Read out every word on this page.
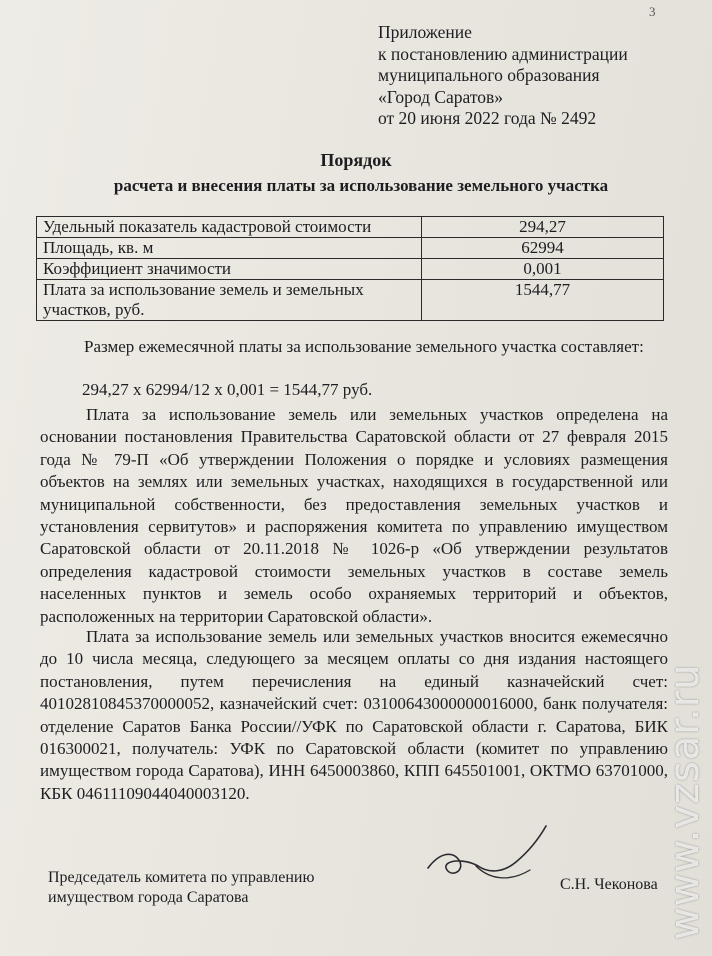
3
Приложение
к постановлению администрации
муниципального образования
«Город Саратов»
от 20 июня 2022 года № 2492
Порядок
расчета и внесения платы за использование земельного участка
Удельный показатель кадастровой стоимости	294,27
Площадь, кв. м	62994
Коэффициент значимости	0,001
Плата за использование земель и земельных участков, руб.	1544,77

Размер ежемесячной платы за использование земельного участка составляет:

294,27 x 62994/12 x 0,001 = 1544,77 руб.

Плата за использование земель или земельных участков определена на основании постановления Правительства Саратовской области от 27 февраля 2015 года № 79-П «Об утверждении Положения о порядке и условиях размещения объектов на землях или земельных участках, находящихся в государственной или муниципальной собственности, без предоставления земельных участков и установления сервитутов» и распоряжения комитета по управлению имуществом Саратовской области от 20.11.2018 № 1026-р «Об утверждении результатов определения кадастровой стоимости земельных участков в составе земель населенных пунктов и земель особо охраняемых территорий и объектов, расположенных на территории Саратовской области».

Плата за использование земель или земельных участков вносится ежемесячно до 10 числа месяца, следующего за месяцем оплаты со дня издания настоящего постановления, путем перечисления на единый казначейский счет: 40102810845370000052, казначейский счет: 03100643000000016000, банк получателя: отделение Саратов Банка России//УФК по Саратовской области г. Саратова, БИК 016300021, получатель: УФК по Саратовской области (комитет по управлению имуществом города Саратова), ИНН 6450003860, КПП 645501001, ОКТМО 63701000, КБК 04611109044040003120.

Председатель комитета по управлению
имуществом города Саратова
С.Н. Чеконова www.vzsar.ru
